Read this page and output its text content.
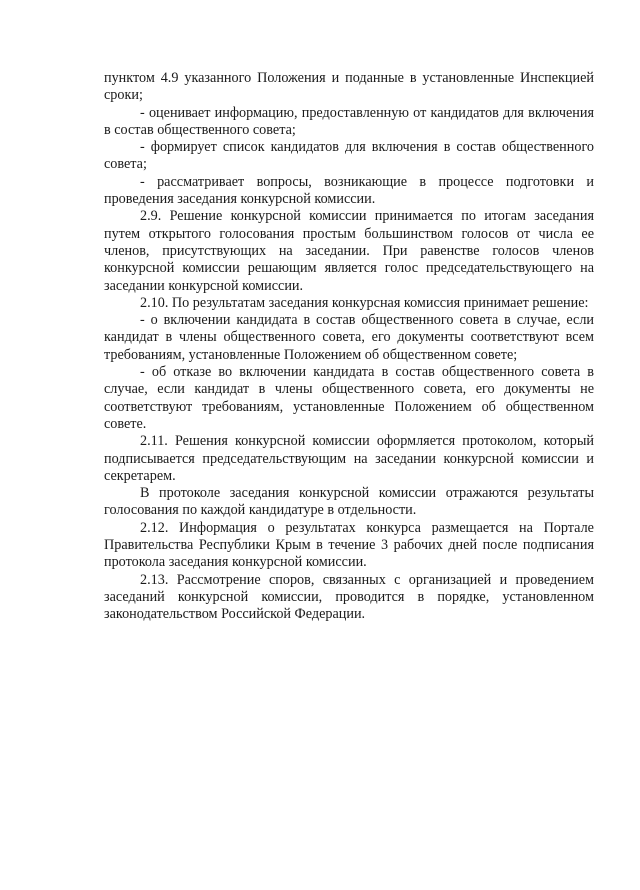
пунктом 4.9 указанного Положения и поданные в установленные Инспекцией сроки;

- оценивает информацию, предоставленную от кандидатов для включения в состав общественного совета;

- формирует список кандидатов для включения в состав общественного совета;

- рассматривает вопросы, возникающие в процессе подготовки и проведения заседания конкурсной комиссии.

2.9. Решение конкурсной комиссии принимается по итогам заседания путем открытого голосования простым большинством голосов от числа ее членов, присутствующих на заседании. При равенстве голосов членов конкурсной комиссии решающим является голос председательствующего на заседании конкурсной комиссии.

2.10. По результатам заседания конкурсная комиссия принимает решение:

- о включении кандидата в состав общественного совета в случае, если кандидат в члены общественного совета, его документы соответствуют всем требованиям, установленные Положением об общественном совете;

- об отказе во включении кандидата в состав общественного совета в случае, если кандидат в члены общественного совета, его документы не соответствуют требованиям, установленные Положением об общественном совете.

2.11. Решения конкурсной комиссии оформляется протоколом, который подписывается председательствующим на заседании конкурсной комиссии и секретарем.

В протоколе заседания конкурсной комиссии отражаются результаты голосования по каждой кандидатуре в отдельности.

2.12. Информация о результатах конкурса размещается на Портале Правительства Республики Крым в течение 3 рабочих дней после подписания протокола заседания конкурсной комиссии.

2.13. Рассмотрение споров, связанных с организацией и проведением заседаний конкурсной комиссии, проводится в порядке, установленном законодательством Российской Федерации.
